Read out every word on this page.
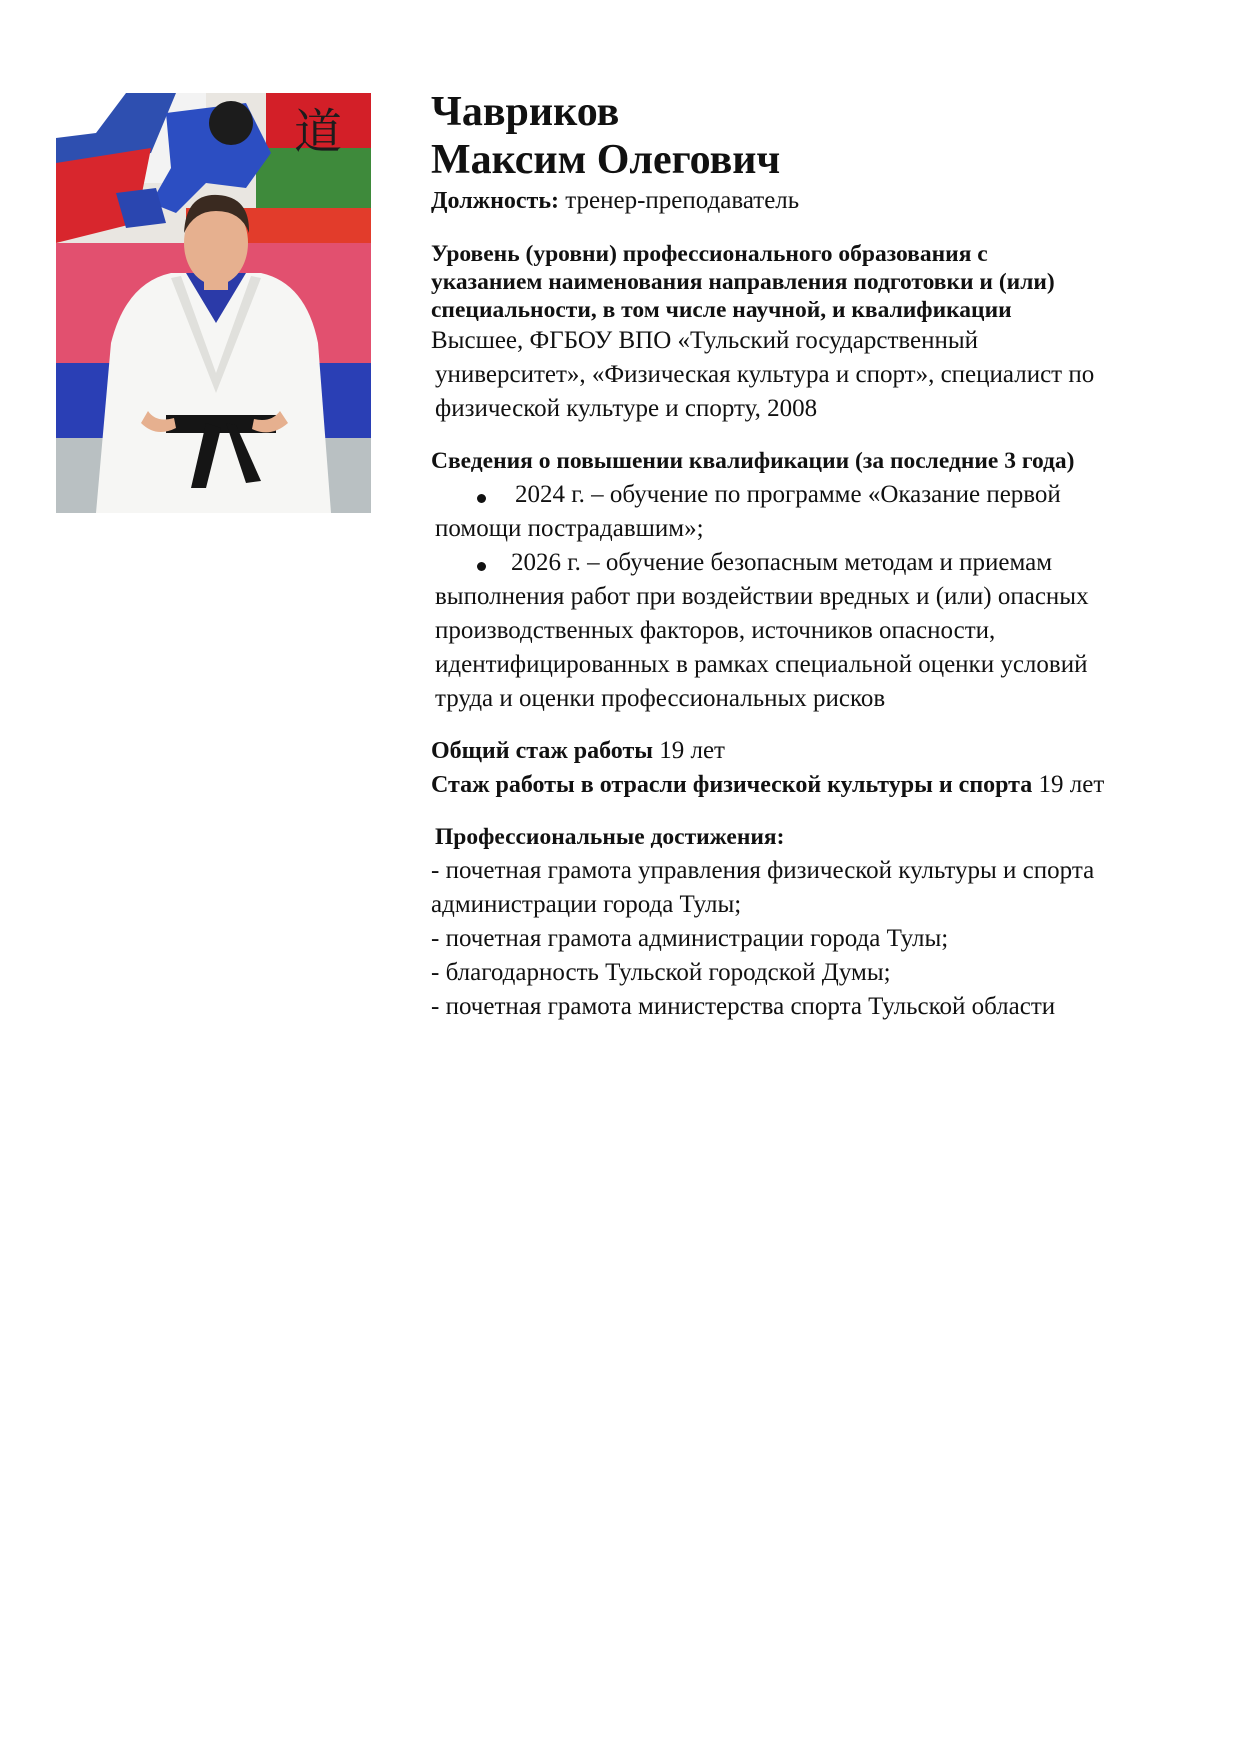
道 Чавриков

Максим Олегович

Должность: тренер-преподаватель

Уровень (уровни) профессионального образования с

указанием наименования направления подготовки и (или)

специальности, в том числе научной, и квалификации

Высшее, ФГБОУ ВПО «Тульский государственный

университет», «Физическая культура и спорт», специалист по

физической культуре и спорту, 2008

Сведения о повышении квалификации (за последние 3 года)

2024 г. – обучение по программе «Оказание первой

помощи пострадавшим»;

2026 г. – обучение безопасным методам и приемам

выполнения работ при воздействии вредных и (или) опасных

производственных факторов, источников опасности,

идентифицированных в рамках специальной оценки условий

труда и оценки профессиональных рисков

Общий стаж работы 19 лет

Стаж работы в отрасли физической культуры и спорта 19 лет

Профессиональные достижения:

- почетная грамота управления физической культуры и спорта

администрации города Тулы;

- почетная грамота администрации города Тулы;

- благодарность Тульской городской Думы;

- почетная грамота министерства спорта Тульской области
